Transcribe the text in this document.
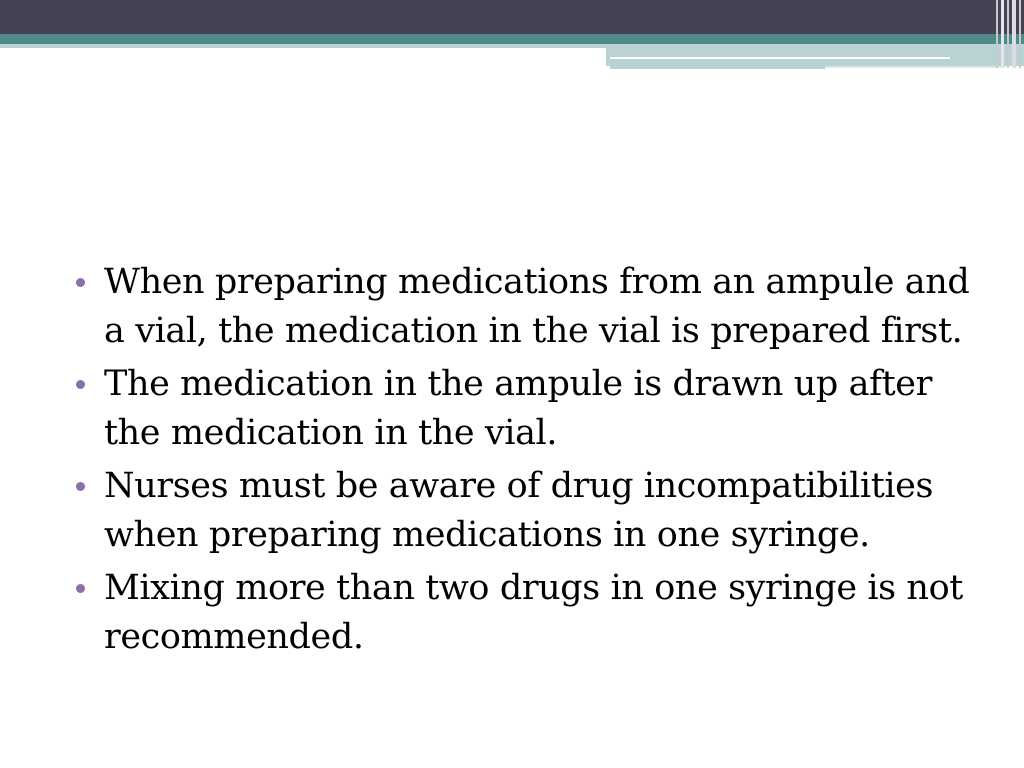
When preparing medications from an ampule and a vial, the medication in the vial is prepared first.
The medication in the ampule is drawn up after the medication in the vial.
Nurses must be aware of drug incompatibilities when preparing medications in one syringe.
Mixing more than two drugs in one syringe is not recommended.
